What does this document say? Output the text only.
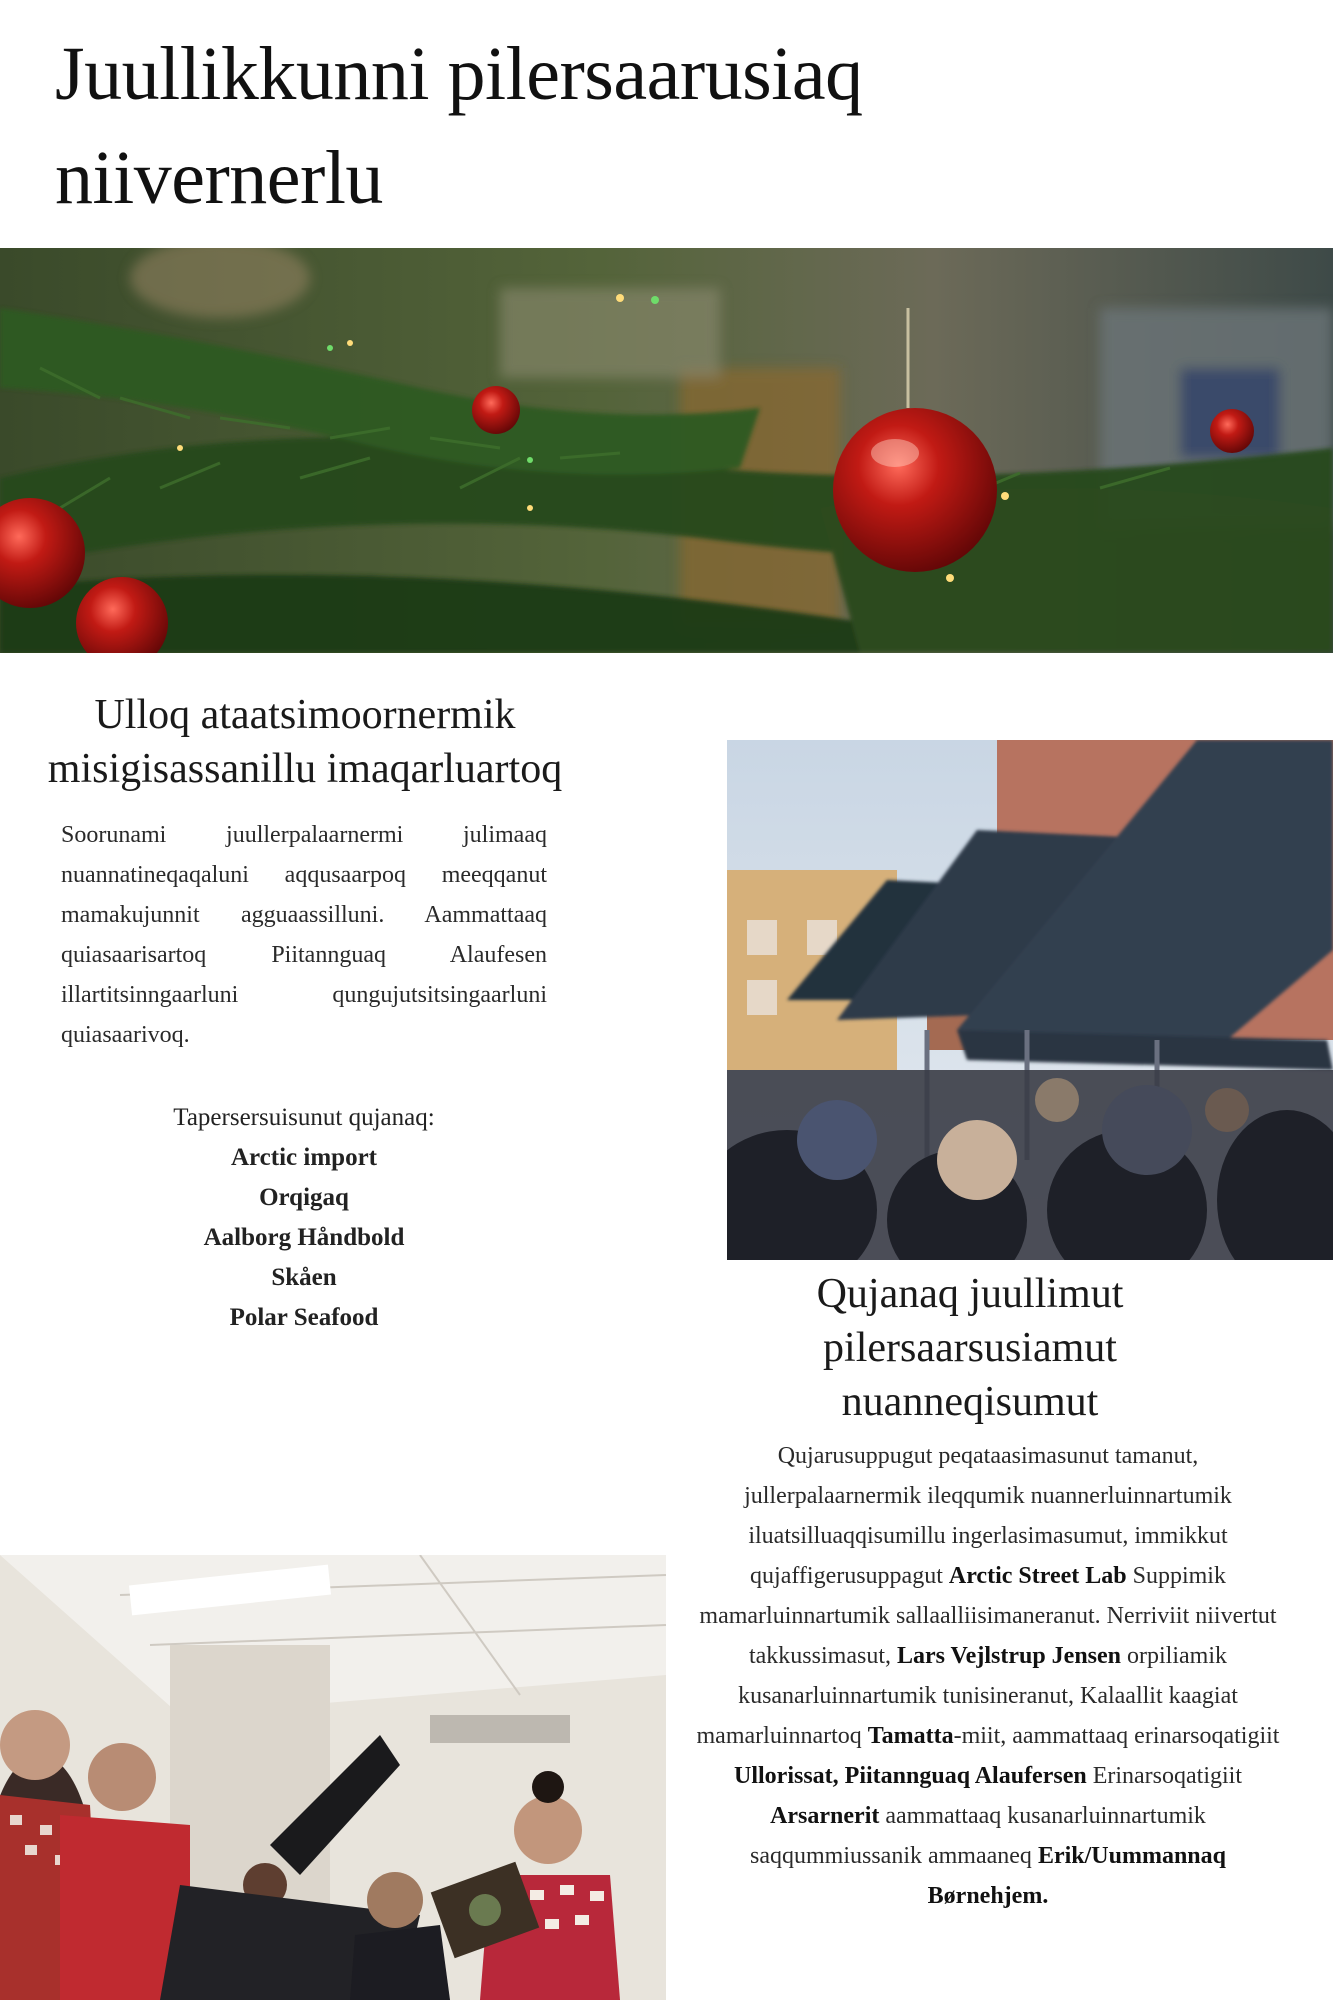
Juullikkunni pilersaarusiaq niivernerlu
Ulloq ataatsimoornermik misigisassanillu imaqarluartoq

Soorunami juullerpalaarnermi julimaaq nuannatineqaqaluni aqqusaarpoq meeqqanut mamakujunnit agguaassilluni. Aammattaaq quiasaarisartoq Piitannguaq Alaufesen illartitsinngaarluni qungujutsitsingaarluni quiasaarivoq.

Tapersersuisunut qujanaq:
Arctic import
Orqigaq
Aalborg Håndbold
Skåen
Polar Seafood
Qujanaq juullimut pilersaarsusiamut nuanneqisumut

Qujarusuppugut peqataasimasunut tamanut, jullerpalaarnermik ileqqumik nuannerluinnartumik iluatsilluaqqisumillu ingerlasimasumut, immikkut qujaffigerusuppagut Arctic Street Lab Suppimik mamarluinnartumik sallaalliisimaneranut. Nerriviit niivertut takkussimasut, Lars Vejlstrup Jensen orpiliamik kusanarluinnartumik tunisineranut, Kalaallit kaagiat mamarluinnartoq Tamatta-miit, aammattaaq erinarsoqatigiit Ullorissat, Piitannguaq Alaufersen Erinarsoqatigiit Arsarnerit aammattaaq kusanarluinnartumik saqqummiussanik ammaaneq Erik/Uummannaq Børnehjem.
